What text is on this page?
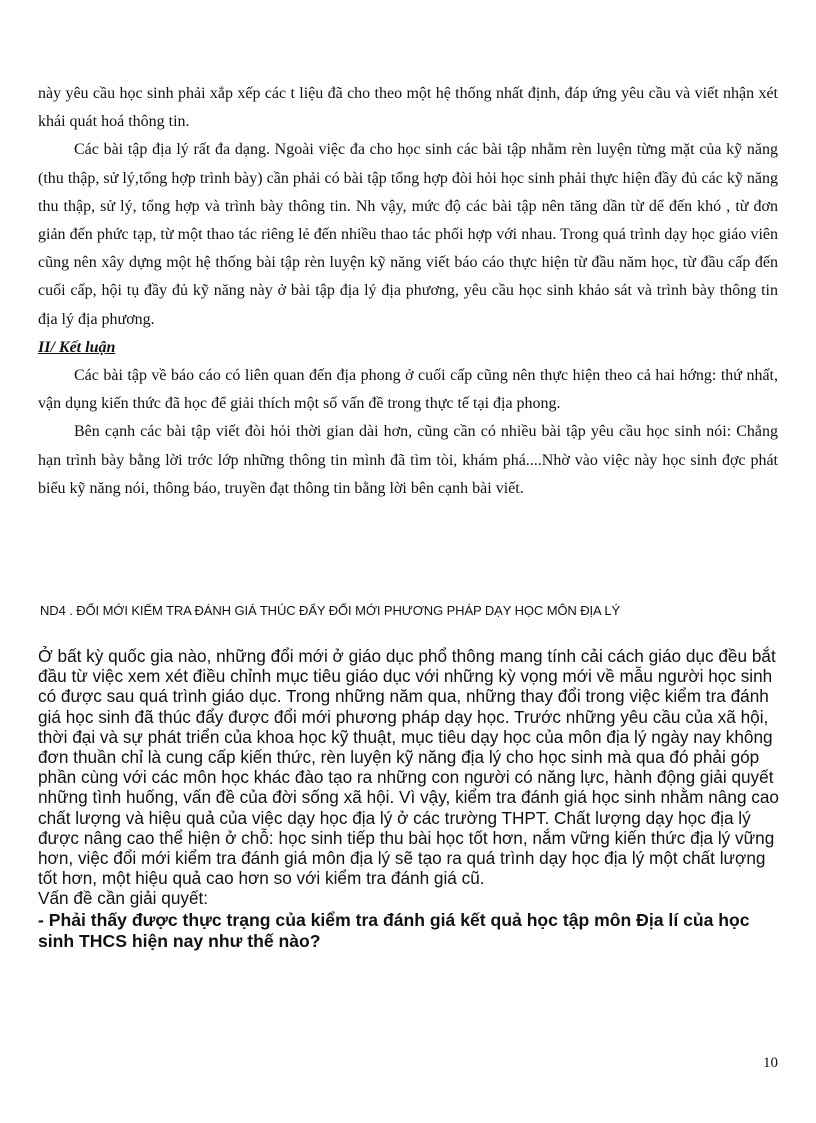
này yêu cầu học sinh phải xắp xếp các t liệu đã cho theo một hệ thống nhất định, đáp ứng yêu cầu và viết nhận xét khái quát hoá thông tin.

Các bài tập địa lý rất đa dạng. Ngoài việc đa cho học sinh các bài tập nhằm rèn luyện từng mặt của kỹ năng (thu thập, sử lý,tổng hợp trình bày) cần phải có bài tập tổng hợp đòi hỏi học sinh phải thực hiện đầy đủ các kỹ năng thu thập, sử lý, tổng hợp và trình bày thông tin. Nh vậy, mức độ các bài tập nên tăng dần từ dể đến khó , từ đơn giản đến phức tạp, từ một thao tác riêng lẻ đến nhiều thao tác phối hợp với nhau. Trong quá trình dạy học giáo viên cũng nên xây dựng một hệ thống bài tập rèn luyện kỹ năng viết báo cáo thực hiện từ đầu năm học, từ đầu cấp đến cuối cấp, hội tụ đầy đủ kỹ năng này ở bài tập địa lý địa phương, yêu cầu học sinh khảo sát và trình bày thông tin địa lý địa phương.

II/ Kết luận

Các bài tập về báo cáo có liên quan đến địa phong ở cuối cấp cũng nên thực hiện theo cả hai hớng: thứ nhất, vận dụng kiến thức đã học để giải thích một số vấn đề trong thực tế tại địa phong.

Bên cạnh các bài tập viết đòi hỏi thời gian dài hơn, cũng cần có nhiều bài tập yêu cầu học sinh nói: Chẳng hạn trình bày bằng lời trớc lớp những thông tin mình đã tìm tòi, khám phá....Nhờ vào việc này học sinh đợc phát biểu kỹ năng nói, thông báo, truyền đạt thông tin bằng lời bên cạnh bài viết.

ND4 . ĐỔI MỚI KIỂM TRA ĐÁNH GIÁ THÚC ĐẨY ĐỔI MỚI PHƯƠNG PHÁP DẠY HỌC MÔN ĐỊA LÝ

Ở bất kỳ quốc gia nào, những đổi mới ở giáo dục phổ thông mang tính cải cách giáo dục đều bắt đầu từ việc xem xét điều chỉnh mục tiêu giáo dục với những kỳ vọng mới về mẫu người học sinh có được sau quá trình giáo dục. Trong những năm qua, những thay đổi trong việc kiểm tra đánh giá học sinh đã thúc đẩy được đổi mới phương pháp dạy học. Trước những yêu cầu của xã hội, thời đại và sự phát triển của khoa học kỹ thuật, mục tiêu dạy học của môn địa lý ngày nay không đơn thuần chỉ là cung cấp kiến thức, rèn luyện kỹ năng địa lý cho học sinh mà qua đó phải góp phần cùng với các môn học khác đào tạo ra những con người có năng lực, hành động giải quyết những tình huống, vấn đề của đời sống xã hội. Vì vậy, kiểm tra đánh giá học sinh nhằm nâng cao chất lượng và hiệu quả của việc dạy học địa lý ở các trường THPT. Chất lượng dạy học địa lý được nâng cao thể hiện ở chỗ: học sinh tiếp thu bài học tốt hơn, nắm vững kiến thức địa lý vững hơn, việc đổi mới kiểm tra đánh giá môn địa lý sẽ tạo ra quá trình dạy học địa lý một chất lượng tốt hơn, một hiệu quả cao hơn so với kiểm tra đánh giá cũ.

Vấn đề cần giải quyết:

- Phải thấy được thực trạng của kiểm tra đánh giá kết quả học tập môn Địa lí của học sinh THCS hiện nay như thế nào?

10
